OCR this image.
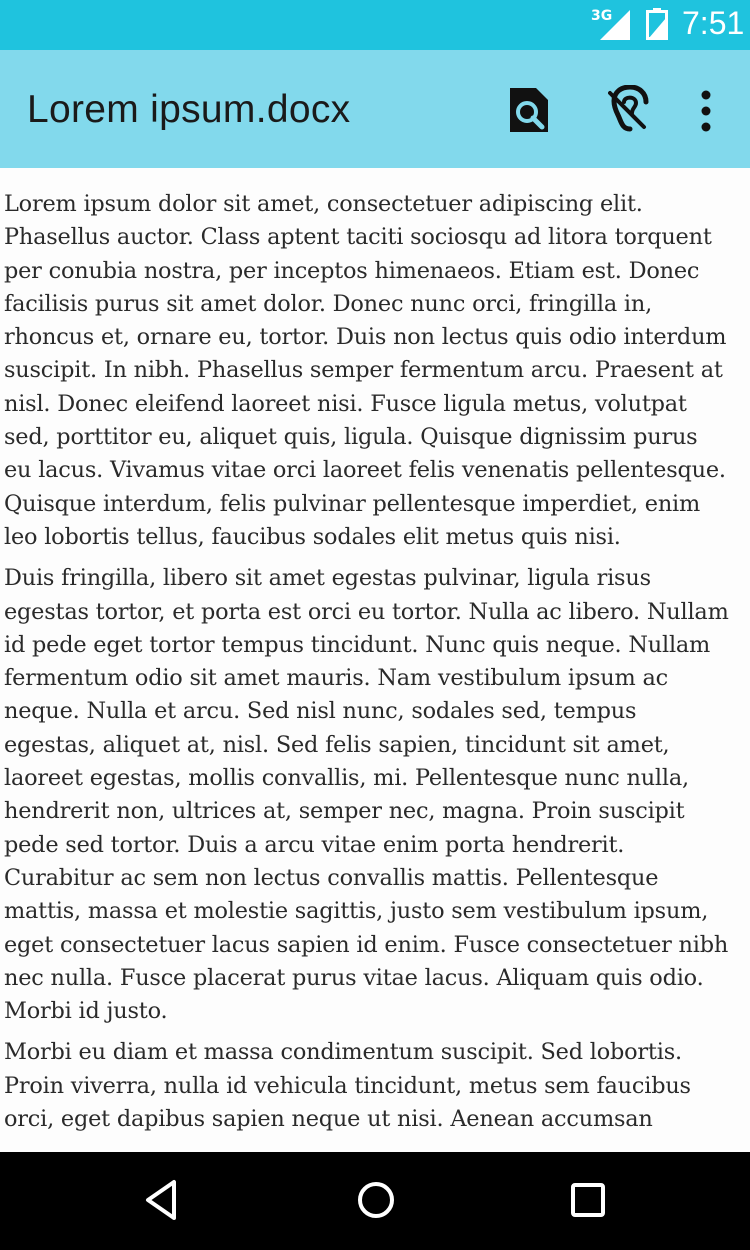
3G 7:51
Lorem ipsum.docx

Lorem ipsum dolor sit amet, consectetuer adipiscing elit. Phasellus auctor. Class aptent taciti sociosqu ad litora torquent per conubia nostra, per inceptos himenaeos. Etiam est. Donec facilisis purus sit amet dolor. Donec nunc orci, fringilla in, rhoncus et, ornare eu, tortor. Duis non lectus quis odio interdum suscipit. In nibh. Phasellus semper fermentum arcu. Praesent at nisl. Donec eleifend laoreet nisi. Fusce ligula metus, volutpat sed, porttitor eu, aliquet quis, ligula. Quisque dignissim purus eu lacus. Vivamus vitae orci laoreet felis venenatis pellentesque. Quisque interdum, felis pulvinar pellentesque imperdiet, enim leo lobortis tellus, faucibus sodales elit metus quis nisi.

Duis fringilla, libero sit amet egestas pulvinar, ligula risus egestas tortor, et porta est orci eu tortor. Nulla ac libero. Nullam id pede eget tortor tempus tincidunt. Nunc quis neque. Nullam fermentum odio sit amet mauris. Nam vestibulum ipsum ac neque. Nulla et arcu. Sed nisl nunc, sodales sed, tempus egestas, aliquet at, nisl. Sed felis sapien, tincidunt sit amet, laoreet egestas, mollis convallis, mi. Pellentesque nunc nulla, hendrerit non, ultrices at, semper nec, magna. Proin suscipit pede sed tortor. Duis a arcu vitae enim porta hendrerit. Curabitur ac sem non lectus convallis mattis. Pellentesque mattis, massa et molestie sagittis, justo sem vestibulum ipsum, eget consectetuer lacus sapien id enim. Fusce consectetuer nibh nec nulla. Fusce placerat purus vitae lacus. Aliquam quis odio. Morbi id justo.

Morbi eu diam et massa condimentum suscipit. Sed lobortis. Proin viverra, nulla id vehicula tincidunt, metus sem faucibus orci, eget dapibus sapien neque ut nisi. Aenean accumsan
